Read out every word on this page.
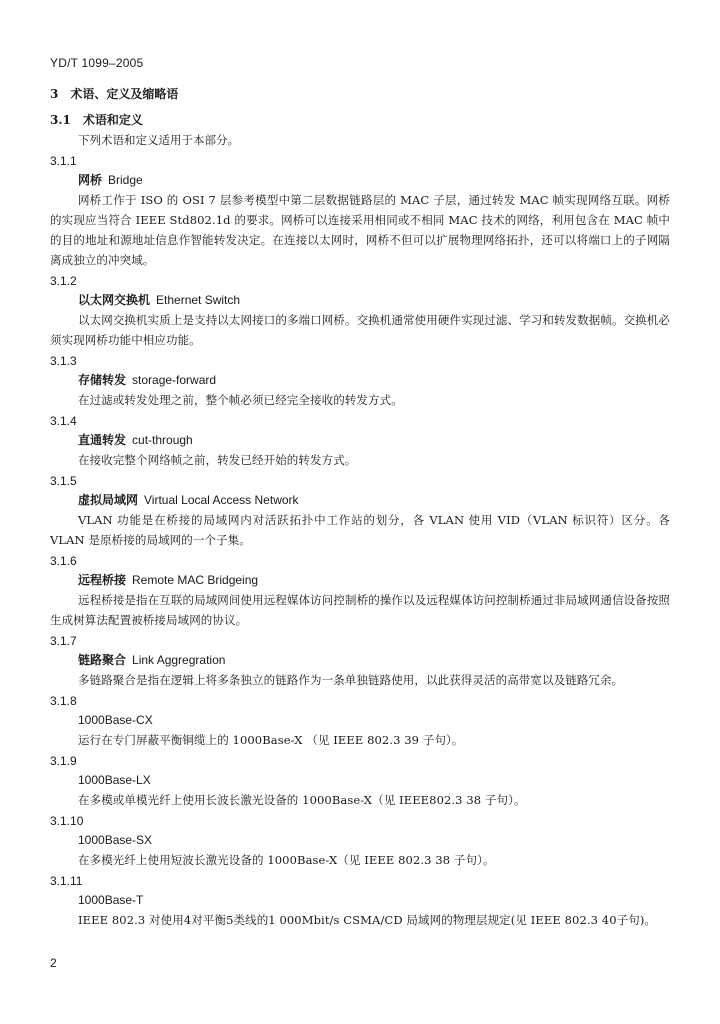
YD/T 1099–2005
3　术语、定义及缩略语
3.1　术语和定义
下列术语和定义适用于本部分。
3.1.1
网桥 Bridge
网桥工作于 ISO 的 OSI 7 层参考模型中第二层数据链路层的 MAC 子层，通过转发 MAC 帧实现网络互联。网桥的实现应当符合 IEEE Std802.1d 的要求。网桥可以连接采用相同或不相同 MAC 技术的网络，利用包含在 MAC 帧中的目的地址和源地址信息作智能转发决定。在连接以太网时，网桥不但可以扩展物理网络拓扑，还可以将端口上的子网隔离成独立的冲突域。
3.1.2
以太网交换机 Ethernet Switch
以太网交换机实质上是支持以太网接口的多端口网桥。交换机通常使用硬件实现过滤、学习和转发数据帧。交换机必须实现网桥功能中相应功能。
3.1.3
存储转发 storage-forward
在过滤或转发处理之前，整个帧必须已经完全接收的转发方式。
3.1.4
直通转发 cut-through
在接收完整个网络帧之前，转发已经开始的转发方式。
3.1.5
虚拟局域网 Virtual Local Access Network
VLAN 功能是在桥接的局域网内对活跃拓扑中工作站的划分，各 VLAN 使用 VID（VLAN 标识符）区分。各 VLAN 是原桥接的局域网的一个子集。
3.1.6
远程桥接 Remote MAC Bridgeing
远程桥接是指在互联的局域网间使用远程媒体访问控制桥的操作以及远程媒体访问控制桥通过非局域网通信设备按照生成树算法配置被桥接局域网的协议。
3.1.7
链路聚合 Link Aggregration
多链路聚合是指在逻辑上将多条独立的链路作为一条单独链路使用，以此获得灵活的高带宽以及链路冗余。
3.1.8
1000Base-CX
运行在专门屏蔽平衡铜缆上的 1000Base-X （见 IEEE 802.3 39 子句）。
3.1.9
1000Base-LX
在多模或单模光纤上使用长波长激光设备的 1000Base-X（见 IEEE802.3 38 子句）。
3.1.10
1000Base-SX
在多模光纤上使用短波长激光设备的 1000Base-X（见 IEEE 802.3 38 子句）。
3.1.11
1000Base-T
IEEE 802.3 对使用4对平衡5类线的1 000Mbit/s CSMA/CD 局域网的物理层规定(见 IEEE 802.3 40子句)。
2
